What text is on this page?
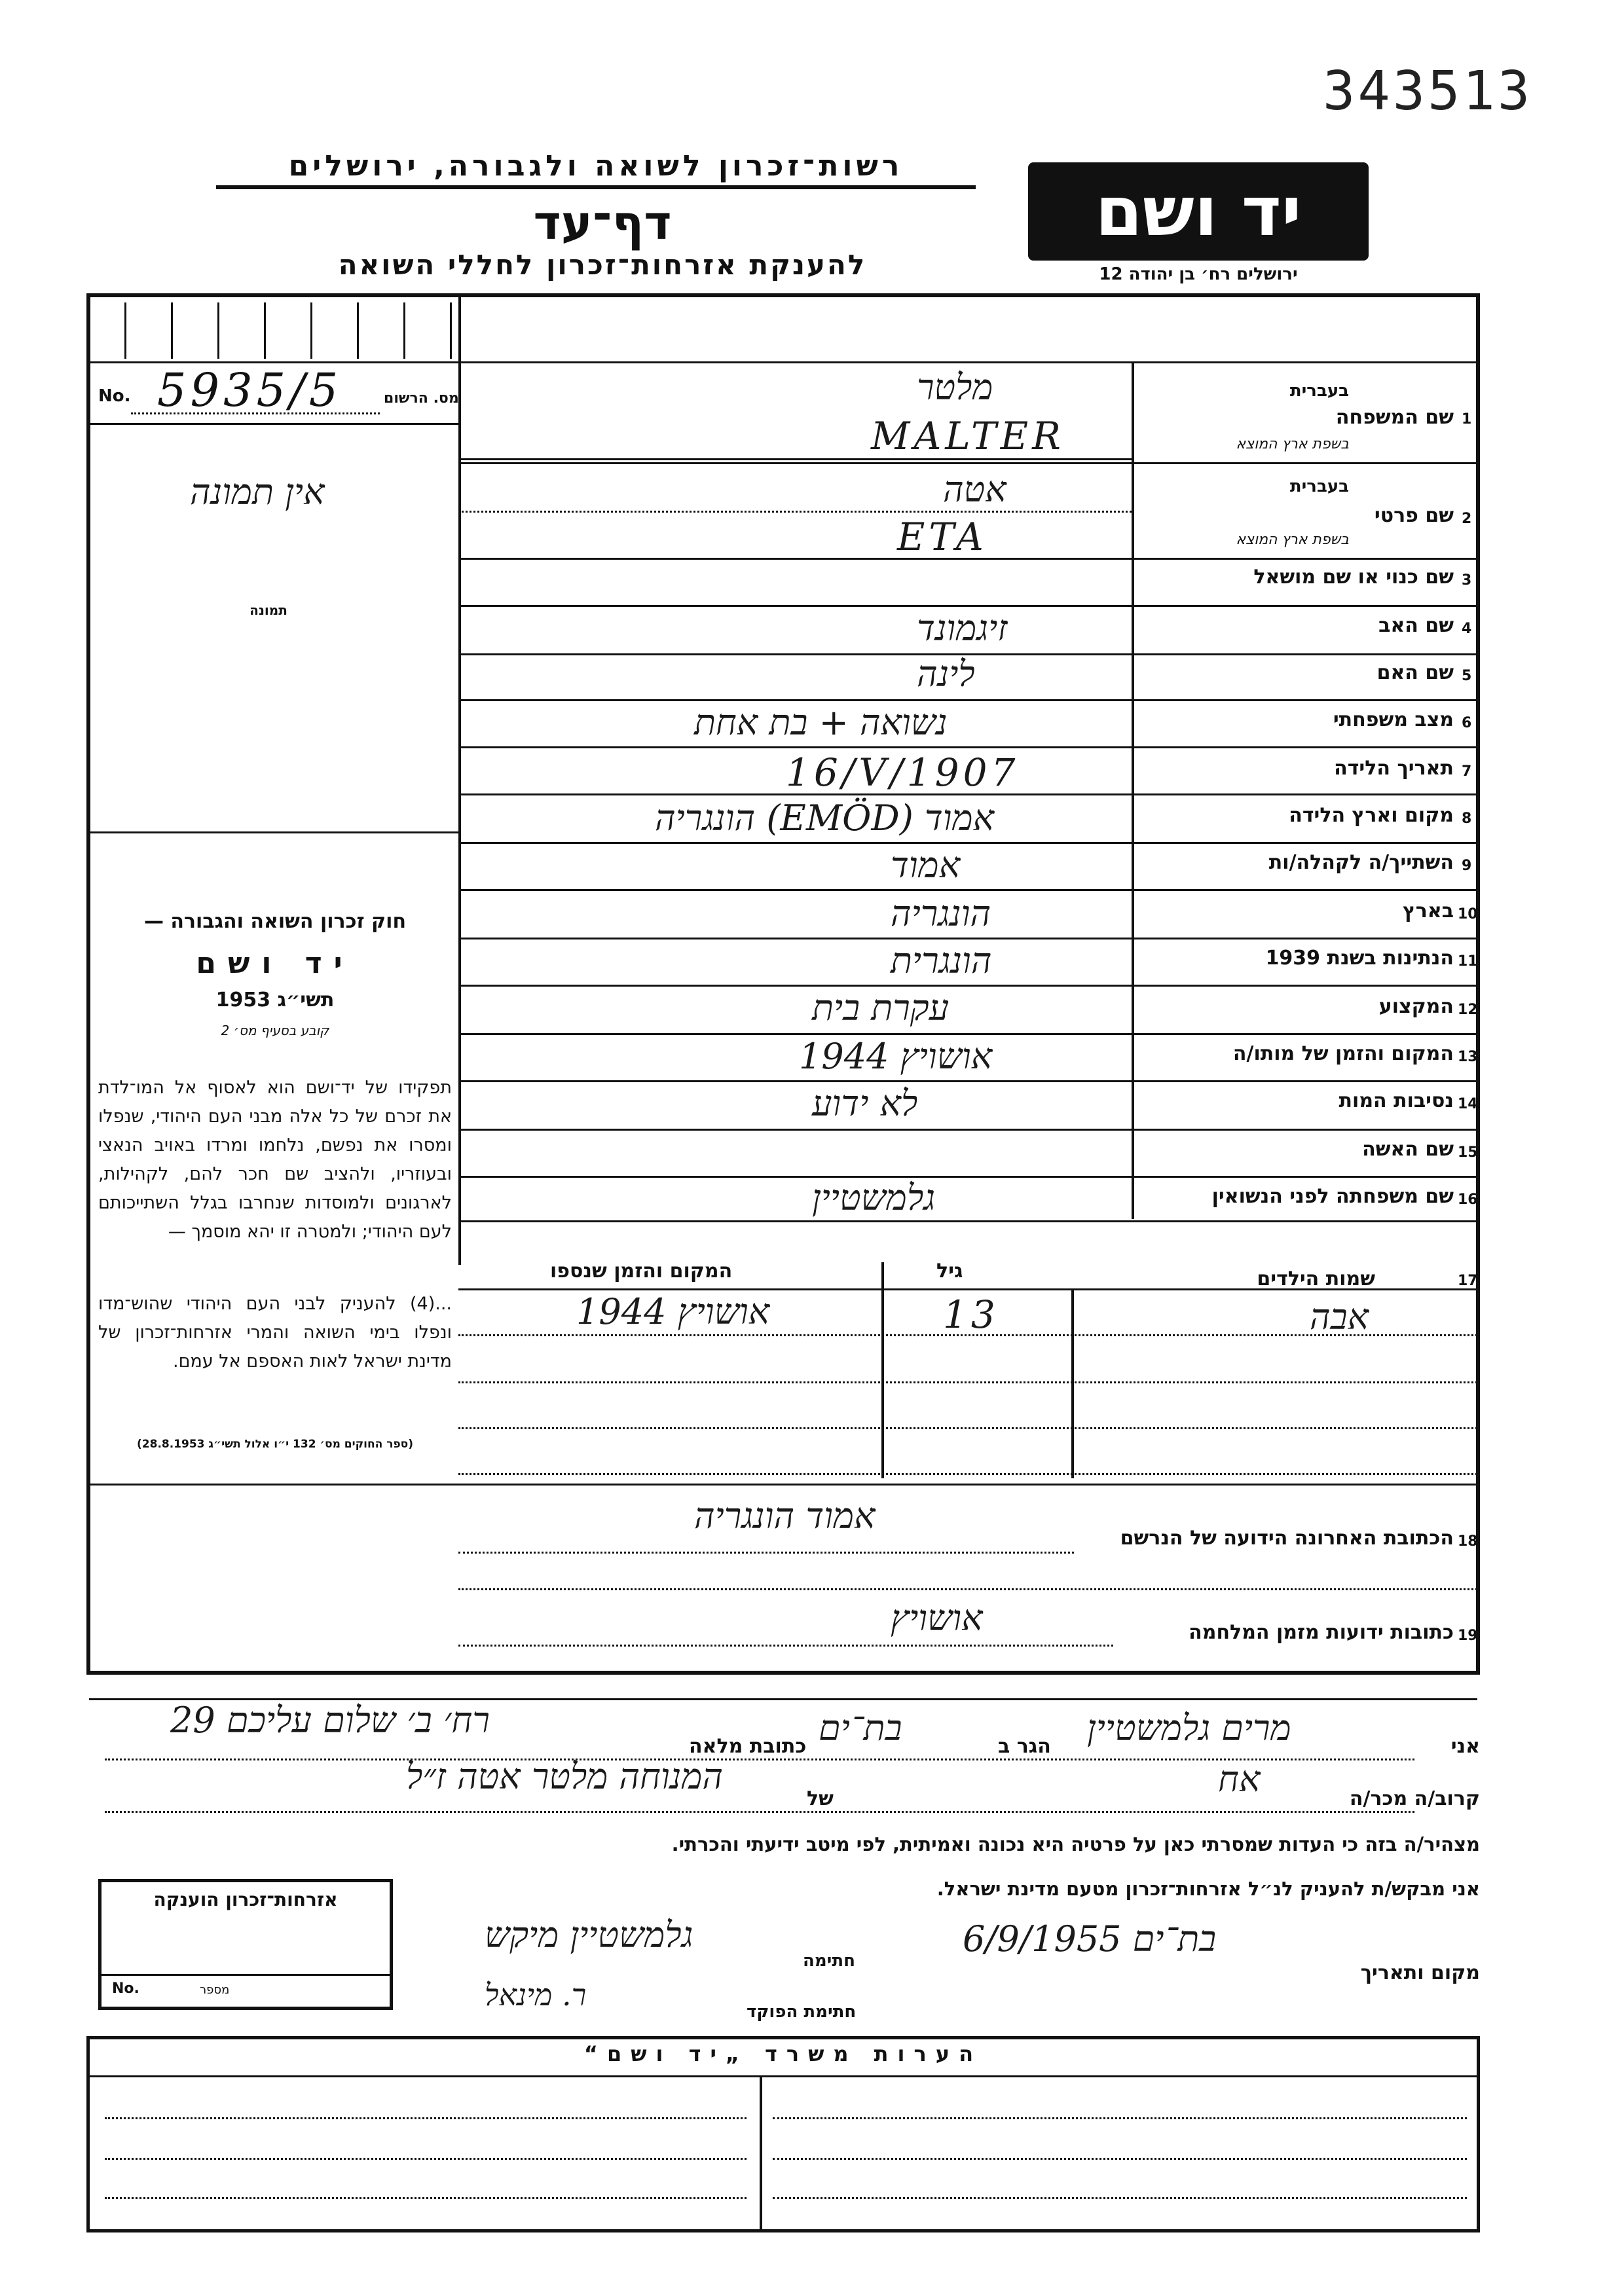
343513
רשות־זכרון לשואה ולגבורה, ירושלים
דף־עד
להענקת אזרחות־זכרון לחללי השואה
יד ושם
ירושלים רח׳ בן יהודה 12
No. 5935/5	מס. הרשום
אין תמונה
תמונה
חוק זכרון השואה והגבורה —
יד ושם
תשי״ג 1953
קובע בסעיף מס׳ 2
תפקידו של יד־ושם הוא לאסוף אל המו־לדת את זכרם של כל אלה מבני העם היהודי, שנפלו ומסרו את נפשם, נלחמו ומרדו באויב הנאצי ובעוזריו, ולהציב שם חכר להם, לקהילות, לארגונים ולמוסדות שנחרבו בגלל השתייכותם לעם היהודי; ולמטרה זו יהא מוסמך —
...(4) להעניק לבני העם היהודי שהוש־מדו ונפלו בימי השואה והמרי אזרחות־זכרון של מדינת ישראל לאות האספם אל עמם.
(ספר החוקים מס׳ 132 י״ו אלול תשי״ג 28.8.1953)
1
שם המשפחה
בעברית
בשפת ארץ המוצא
מלטר
MALTER
2
שם פרטי
בעברית
בשפת ארץ המוצא
אטה
ETA
3
שם כנוי או שם מושאל
4
שם האב
זיגמונד
5
שם האם
לינה
6
מצב משפחתי
נשואה + בת אחת
7
תאריך הלידה
16/V/1907
8
מקום וארץ הלידה
אמוד (EMÖD) הונגריה
9
השתייך/ה לקהלה/ות
אמוד
10
בארץ
הונגריה
11
הנתינות בשנת 1939
הונגרית
12
המקצוע
עקרת בית
13
המקום והזמן של מותו/ה
אושויץ 1944
14
נסיבות המות
לא ידוע
15
שם האשה
16
שם משפחתה לפני הנשואין
גלמשטיין
17
שמות הילדים
גיל
המקום והזמן שנספו
אבה
13
אושויץ 1944
18
הכתובת האחרונה הידועה של הנרשם
אמוד הונגריה
19
כתובות ידועות מזמן המלחמה
אושויץ
אני
מרים גלמשטיין
הגר ב
בת־ים
כתובת מלאה
רח׳ ב׳ שלום עליכם 29
קרוב/ה מכר/ה
אח
של
המנוחה מלטר אטה ז״ל
מצהיר/ה בזה כי העדות שמסרתי כאן על פרטיה היא נכונה ואמיתית, לפי מיטב ידיעתי והכרתי.
אני מבקש/ת להעניק לנ״ל אזרחות־זכרון מטעם מדינת ישראל.
מקום ותאריך
בת־ים 6/9/1955
חתימה
גלמשטיין מיקש
חתימת הפוקד
ר. מינאל
אזרחות־זכרון הוענקה
No.	מספר
הערות משרד „יד ושם“
